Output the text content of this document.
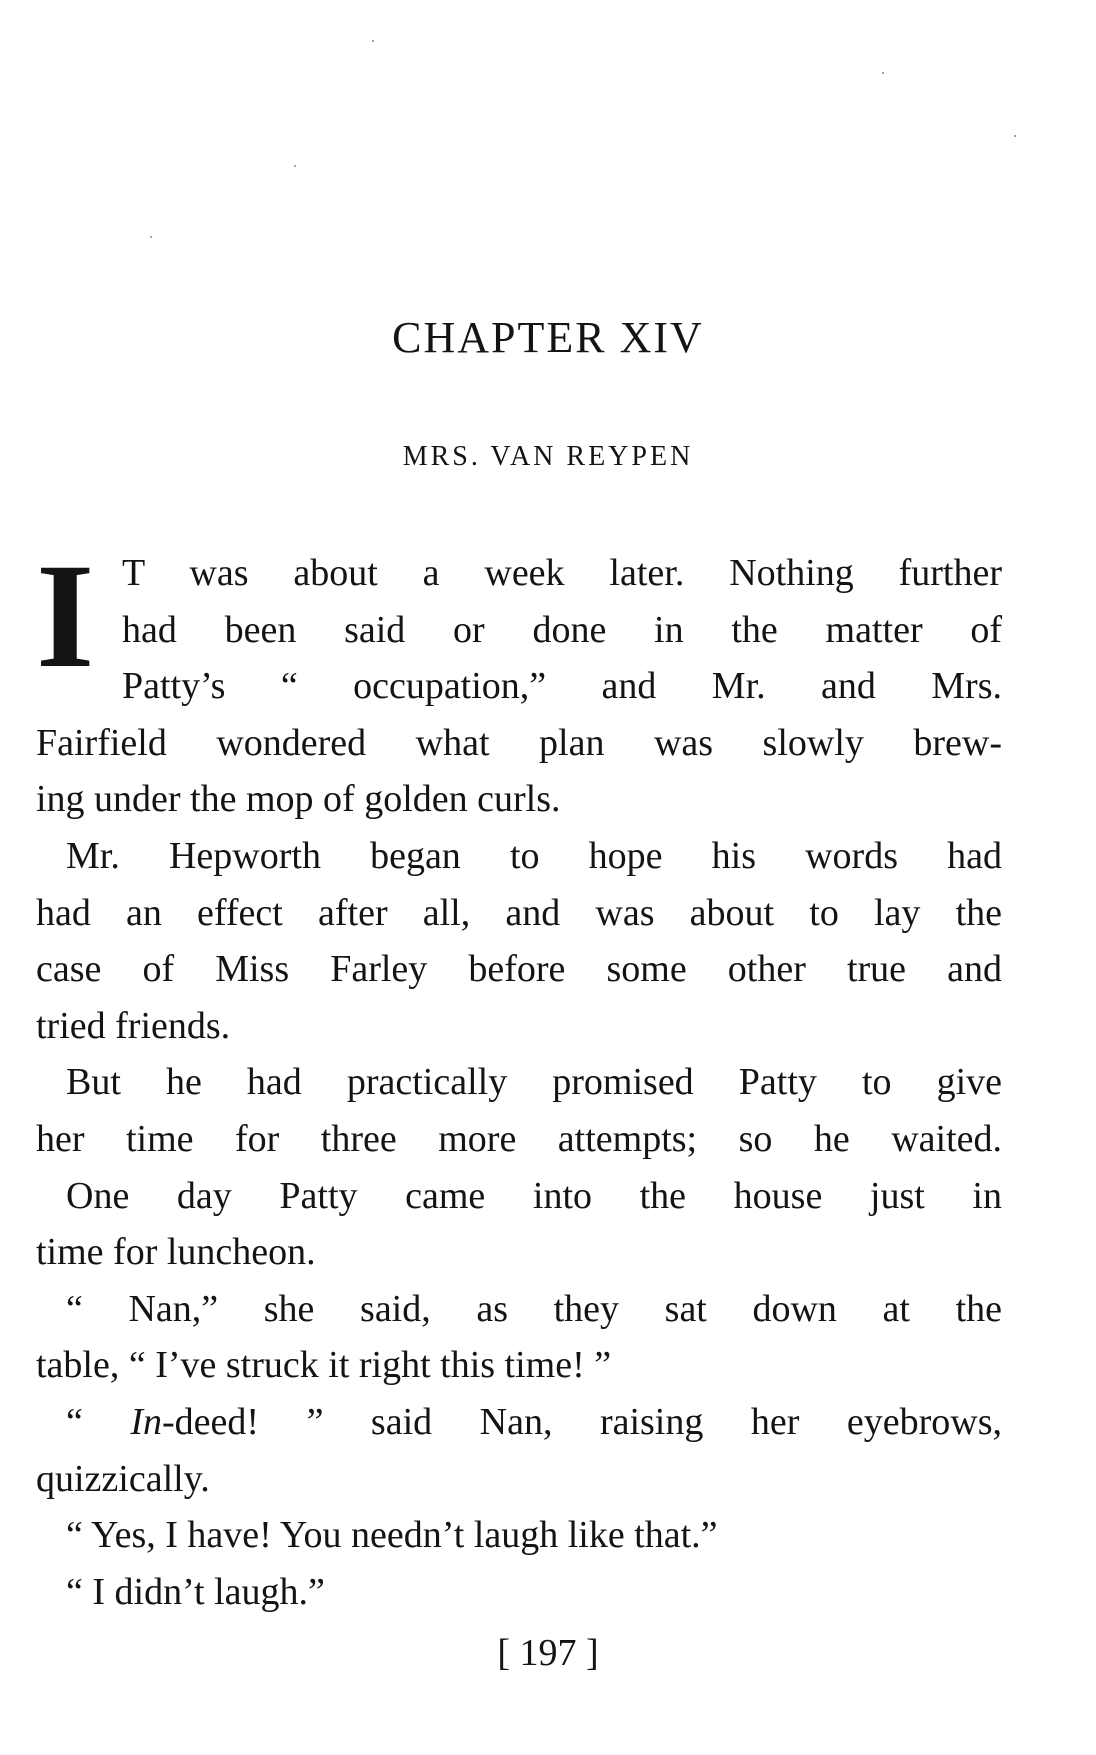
CHAPTER XIV
MRS. VAN REYPEN
I T was about a week later. Nothing further
had been said or done in the matter of
Patty’s “ occupation,” and Mr. and Mrs.
Fairfield wondered what plan was slowly brew-
ing under the mop of golden curls.
Mr. Hepworth began to hope his words had
had an effect after all, and was about to lay the
case of Miss Farley before some other true and
tried friends.
But he had practically promised Patty to give
her time for three more attempts; so he waited.
One day Patty came into the house just in
time for luncheon.
“ Nan,” she said, as they sat down at the
table, “ I’ve struck it right this time! ”
“ In-deed! ” said Nan, raising her eyebrows,
quizzically.
“ Yes, I have! You needn’t laugh like that.”
“ I didn’t laugh.”
[ 197 ]
